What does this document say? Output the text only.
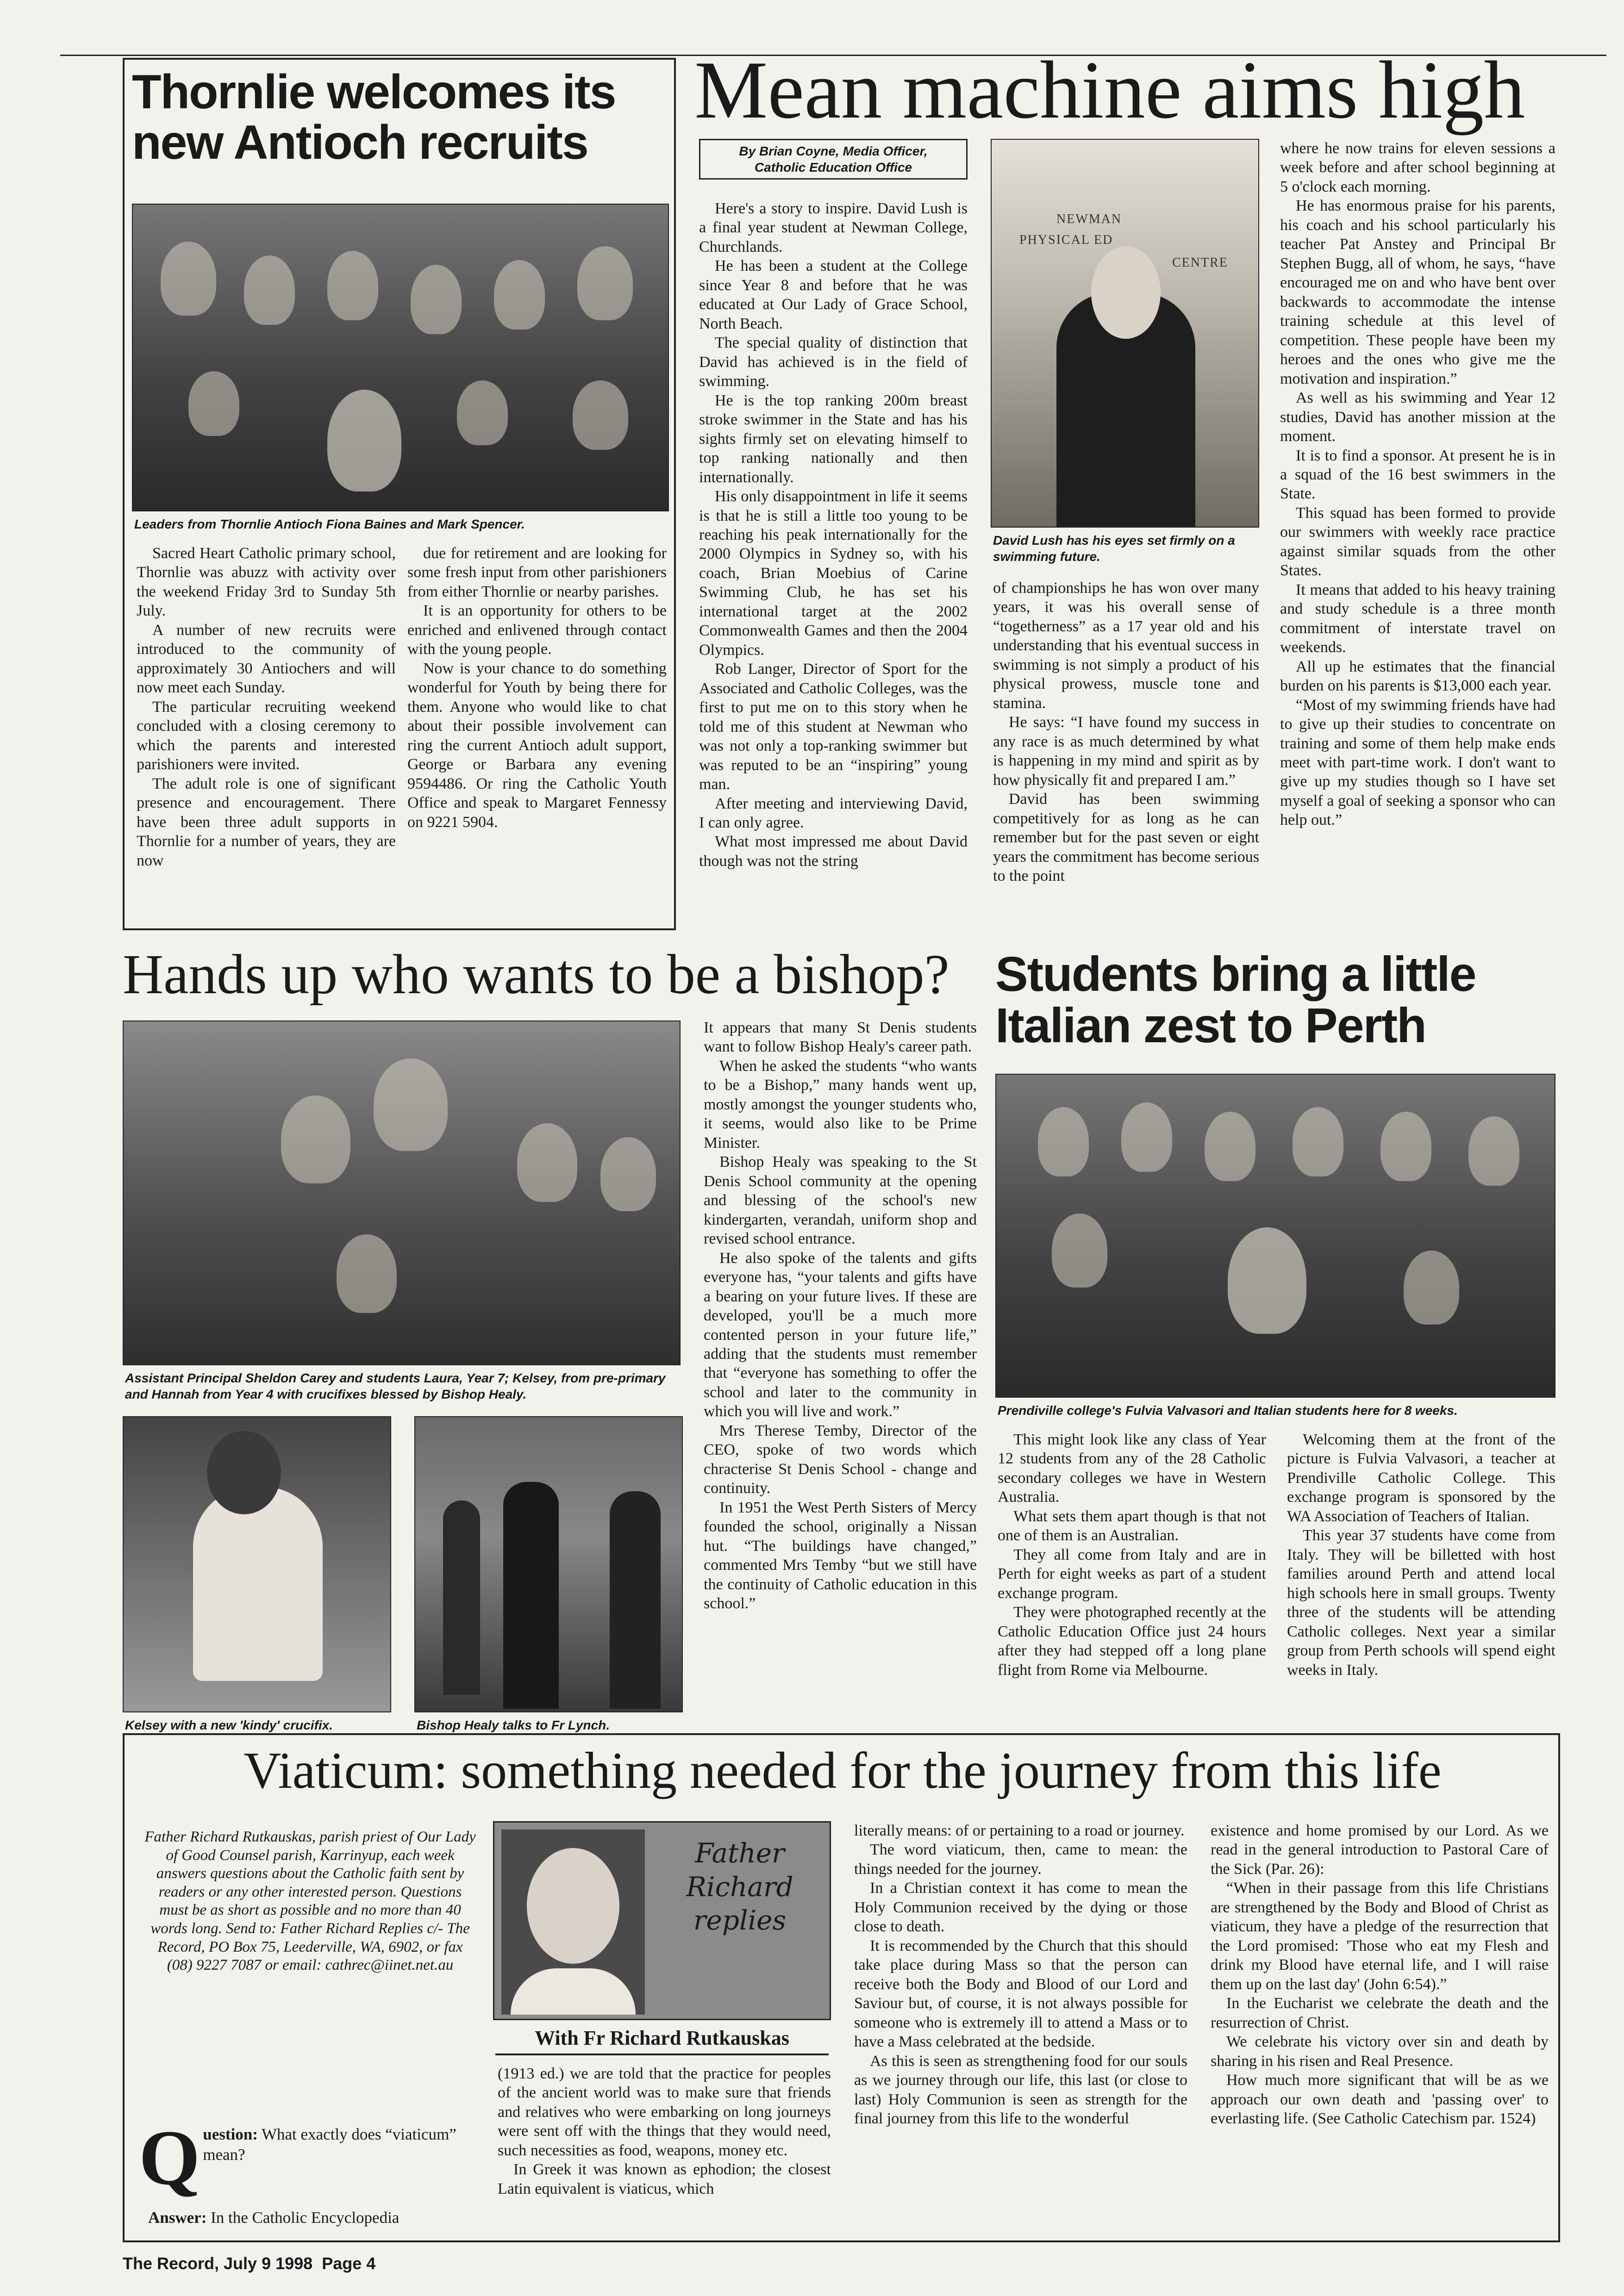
Thornlie welcomes its
new Antioch recruits
Leaders from Thornlie Antioch Fiona Baines and Mark Spencer.

Sacred Heart Catholic primary school, Thornlie was abuzz with activity over the weekend Friday 3rd to Sunday 5th July.

A number of new recruits were introduced to the community of approximately 30 Antiochers and will now meet each Sunday.

The particular recruiting weekend concluded with a closing ceremony to which the parents and interested parishioners were invited.

The adult role is one of significant presence and encouragement. There have been three adult supports in Thornlie for a number of years, they are now

due for retirement and are looking for some fresh input from other parishioners from either Thornlie or nearby parishes.

It is an opportunity for others to be enriched and enlivened through contact with the young people.

Now is your chance to do something wonderful for Youth by being there for them. Anyone who would like to chat about their possible involvement can ring the current Antioch adult support, George or Barbara any evening 9594486. Or ring the Catholic Youth Office and speak to Margaret Fennessy on 9221 5904.

Mean machine aims high
By Brian Coyne, Media Officer,
Catholic Education Office

Here's a story to inspire. David Lush is a final year student at Newman College, Churchlands.

He has been a student at the College since Year 8 and before that he was educated at Our Lady of Grace School, North Beach.

The special quality of distinction that David has achieved is in the field of swimming.

He is the top ranking 200m breast stroke swimmer in the State and has his sights firmly set on elevating himself to top ranking nationally and then internationally.

His only disappointment in life it seems is that he is still a little too young to be reaching his peak internationally for the 2000 Olympics in Sydney so, with his coach, Brian Moebius of Carine Swimming Club, he has set his international target at the 2002 Commonwealth Games and then the 2004 Olympics.

Rob Langer, Director of Sport for the Associated and Catholic Colleges, was the first to put me on to this story when he told me of this student at Newman who was not only a top-ranking swimmer but was reputed to be an “inspiring” young man.

After meeting and interviewing David, I can only agree.

What most impressed me about David though was not the string

NEWMAN
PHYSICAL ED
CENTRE
David Lush has his eyes set firmly on a swimming future.

of championships he has won over many years, it was his overall sense of “togetherness” as a 17 year old and his understanding that his eventual success in swimming is not simply a product of his physical prowess, muscle tone and stamina.

He says: “I have found my success in any race is as much determined by what is happening in my mind and spirit as by how physically fit and prepared I am.”

David has been swimming competitively for as long as he can remember but for the past seven or eight years the commitment has become serious to the point

where he now trains for eleven sessions a week before and after school beginning at 5 o'clock each morning.

He has enormous praise for his parents, his coach and his school particularly his teacher Pat Anstey and Principal Br Stephen Bugg, all of whom, he says, “have encouraged me on and who have bent over backwards to accommodate the intense training schedule at this level of competition. These people have been my heroes and the ones who give me the motivation and inspiration.”

As well as his swimming and Year 12 studies, David has another mission at the moment.

It is to find a sponsor. At present he is in a squad of the 16 best swimmers in the State.

This squad has been formed to provide our swimmers with weekly race practice against similar squads from the other States.

It means that added to his heavy training and study schedule is a three month commitment of interstate travel on weekends.

All up he estimates that the financial burden on his parents is $13,000 each year.

“Most of my swimming friends have had to give up their studies to concentrate on training and some of them help make ends meet with part-time work. I don't want to give up my studies though so I have set myself a goal of seeking a sponsor who can help out.”

Hands up who wants to be a bishop?
Assistant Principal Sheldon Carey and students Laura, Year 7; Kelsey, from pre-primary and Hannah from Year 4 with crucifixes blessed by Bishop Healy.
Kelsey with a new 'kindy' crucifix.	Bishop Healy talks to Fr Lynch.

It appears that many St Denis students want to follow Bishop Healy's career path.

When he asked the students “who wants to be a Bishop,” many hands went up, mostly amongst the younger students who, it seems, would also like to be Prime Minister.

Bishop Healy was speaking to the St Denis School community at the opening and blessing of the school's new kindergarten, verandah, uniform shop and revised school entrance.

He also spoke of the talents and gifts everyone has, “your talents and gifts have a bearing on your future lives. If these are developed, you'll be a much more contented person in your future life,” adding that the students must remember that “everyone has something to offer the school and later to the community in which you will live and work.”

Mrs Therese Temby, Director of the CEO, spoke of two words which chracterise St Denis School - change and continuity.

In 1951 the West Perth Sisters of Mercy founded the school, originally a Nissan hut. “The buildings have changed,” commented Mrs Temby “but we still have the continuity of Catholic education in this school.”

Students bring a little
Italian zest to Perth
Prendiville college's Fulvia Valvasori and Italian students here for 8 weeks.

This might look like any class of Year 12 students from any of the 28 Catholic secondary colleges we have in Western Australia.

What sets them apart though is that not one of them is an Australian.

They all come from Italy and are in Perth for eight weeks as part of a student exchange program.

They were photographed recently at the Catholic Education Office just 24 hours after they had stepped off a long plane flight from Rome via Melbourne.

Welcoming them at the front of the picture is Fulvia Valvasori, a teacher at Prendiville Catholic College. This exchange program is sponsored by the WA Association of Teachers of Italian.

This year 37 students have come from Italy. They will be billetted with host families around Perth and attend local high schools here in small groups. Twenty three of the students will be attending Catholic colleges. Next year a similar group from Perth schools will spend eight weeks in Italy.

Viaticum: something needed for the journey from this life
Father Richard Rutkauskas, parish priest of Our Lady of Good Counsel parish, Karrinyup, each week answers questions about the Catholic faith sent by readers or any other interested person. Questions must be as short as possible and no more than 40 words long. Send to: Father Richard Replies c/- The Record, PO Box 75, Leederville, WA, 6902, or fax (08) 9227 7087 or email: cathrec@iinet.net.au
Father
Richard
replies
With Fr Richard Rutkauskas
Q uestion: What exactly does “viaticum” mean?
Answer: In the Catholic Encyclopedia

(1913 ed.) we are told that the practice for peoples of the ancient world was to make sure that friends and relatives who were embarking on long journeys were sent off with the things that they would need, such necessities as food, weapons, money etc.

In Greek it was known as ephodion; the closest Latin equivalent is viaticus, which

literally means: of or pertaining to a road or journey.

The word viaticum, then, came to mean: the things needed for the journey.

In a Christian context it has come to mean the Holy Communion received by the dying or those close to death.

It is recommended by the Church that this should take place during Mass so that the person can receive both the Body and Blood of our Lord and Saviour but, of course, it is not always possible for someone who is extremely ill to attend a Mass or to have a Mass celebrated at the bedside.

As this is seen as strengthening food for our souls as we journey through our life, this last (or close to last) Holy Communion is seen as strength for the final journey from this life to the wonderful

existence and home promised by our Lord. As we read in the general introduction to Pastoral Care of the Sick (Par. 26):

“When in their passage from this life Christians are strengthened by the Body and Blood of Christ as viaticum, they have a pledge of the resurrection that the Lord promised: 'Those who eat my Flesh and drink my Blood have eternal life, and I will raise them up on the last day' (John 6:54).”

In the Eucharist we celebrate the death and the resurrection of Christ.

We celebrate his victory over sin and death by sharing in his risen and Real Presence.

How much more significant that will be as we approach our own death and 'passing over' to everlasting life. (See Catholic Catechism par. 1524)

The Record, July 9 1998  Page 4
